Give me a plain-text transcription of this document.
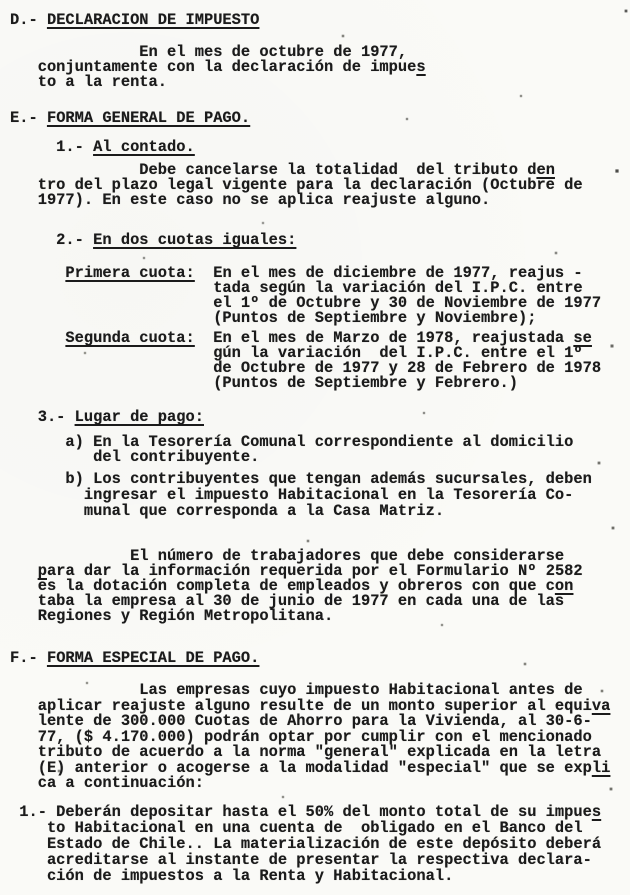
D.- DECLARACION DE IMPUESTO
En el mes de octubre de 1977,
conjuntamente con la declaración de impues
to a la renta.
E.- FORMA GENERAL DE PAGO.
1.- Al contado.
Debe cancelarse la totalidad  del tributo den
tro del plazo legal vigente para la declaración (Octubre de
1977). En este caso no se aplica reajuste alguno.
2.- En dos cuotas iguales:
Primera cuota:  En el mes de diciembre de 1977, reajus -
tada según la variación del I.P.C. entre
el 1º de Octubre y 30 de Noviembre de 1977
(Puntos de Septiembre y Noviembre);
Segunda cuota:  En el mes de Marzo de 1978, reajustada se
gún la variación  del I.P.C. entre el 1º
de Octubre de 1977 y 28 de Febrero de 1978
(Puntos de Septiembre y Febrero.)
3.- Lugar de pago:
a) En la Tesorería Comunal correspondiente al domicilio
del contribuyente.
b) Los contribuyentes que tengan además sucursales, deben
ingresar el impuesto Habitacional en la Tesorería Co-
munal que corresponda a la Casa Matriz.
El número de trabajadores que debe considerarse
para dar la información requerida por el Formulario Nº 2582
es la dotación completa de empleados y obreros con que con
taba la empresa al 30 de junio de 1977 en cada una de las
Regiones y Región Metropolitana.
F.- FORMA ESPECIAL DE PAGO.
Las empresas cuyo impuesto Habitacional antes de
aplicar reajuste alguno resulte de un monto superior al equiva
lente de 300.000 Cuotas de Ahorro para la Vivienda, al 30-6-
77, ($ 4.170.000) podrán optar por cumplir con el mencionado
tributo de acuerdo a la norma "general" explicada en la letra
(E) anterior o acogerse a la modalidad "especial" que se expli
ca a continuación:
1.- Deberán depositar hasta el 50% del monto total de su impues
to Habitacional en una cuenta de  obligado en el Banco del
Estado de Chile.. La materialización de este depósito deberá
acreditarse al instante de presentar la respectiva declara-
ción de impuestos a la Renta y Habitacional.
